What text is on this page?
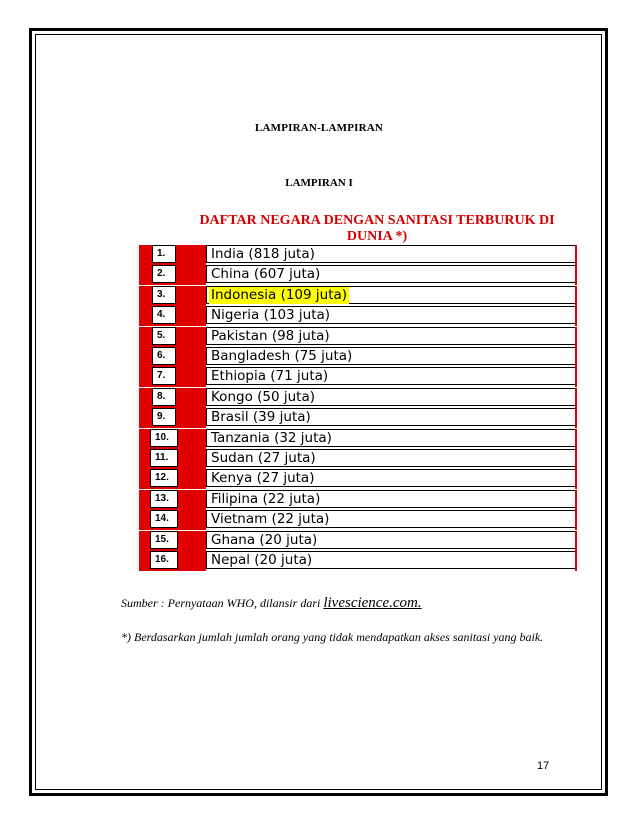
LAMPIRAN-LAMPIRAN
LAMPIRAN I
DAFTAR NEGARA DENGAN SANITASI TERBURUK DI DUNIA *)
1.	India (818 juta)
2.	China (607 juta)
3.	Indonesia (109 juta)
4.	Nigeria (103 juta)
5.	Pakistan (98 juta)
6.	Bangladesh (75 juta)
7.	Ethiopia (71 juta)
8.	Kongo (50 juta)
9.	Brasil (39 juta)
10.	Tanzania (32 juta)
11.	Sudan (27 juta)
12.	Kenya (27 juta)
13.	Filipina (22 juta)
14.	Vietnam (22 juta)
15.	Ghana (20 juta)
16.	Nepal (20 juta)
Sumber : Pernyataan WHO, dilansir dari livescience.com.
*) Berdasarkan jumlah jumlah orang yang tidak mendapatkan akses sanitasi yang baik.
17
